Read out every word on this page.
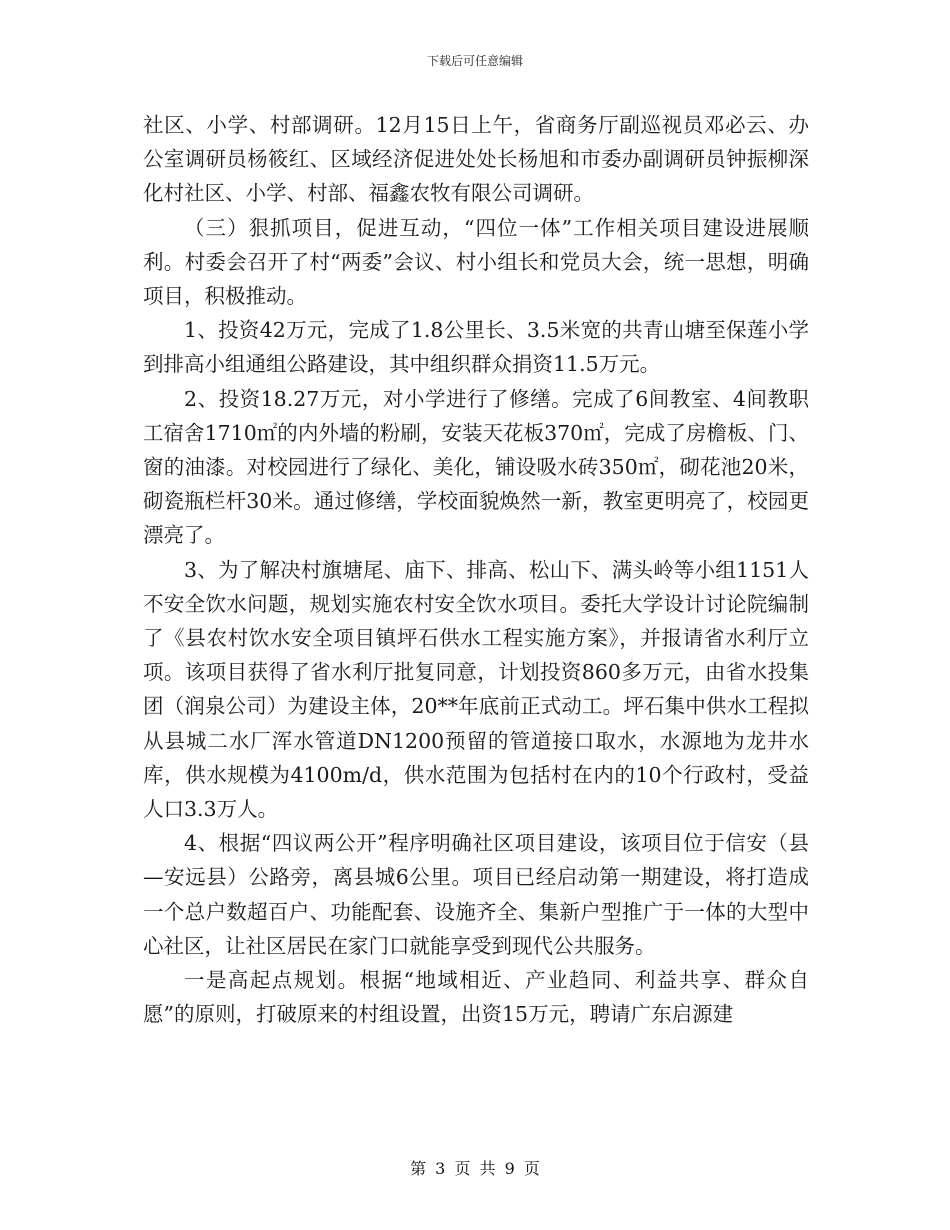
下载后可任意编辑

社区、小学、村部调研。12月15日上午，省商务厅副巡视员邓必云、办公室调研员杨筱红、区域经济促进处处长杨旭和市委办副调研员钟振柳深化村社区、小学、村部、福鑫农牧有限公司调研。

（三）狠抓项目，促进互动，“四位一体”工作相关项目建设进展顺利。村委会召开了村“两委”会议、村小组长和党员大会，统一思想，明确项目，积极推动。

1、投资42万元，完成了1.8公里长、3.5米宽的共青山塘至保莲小学到排高小组通组公路建设，其中组织群众捐资11.5万元。

2、投资18.27万元，对小学进行了修缮。完成了6间教室、4间教职工宿舍1710㎡的内外墙的粉刷，安装天花板370㎡，完成了房檐板、门、窗的油漆。对校园进行了绿化、美化，铺设吸水砖350㎡，砌花池20米，砌瓷瓶栏杆30米。通过修缮，学校面貌焕然一新，教室更明亮了，校园更漂亮了。

3、为了解决村旗塘尾、庙下、排高、松山下、满头岭等小组1151人不安全饮水问题，规划实施农村安全饮水项目。委托大学设计讨论院编制了《县农村饮水安全项目镇坪石供水工程实施方案》，并报请省水利厅立项。该项目获得了省水利厅批复同意，计划投资860多万元，由省水投集团（润泉公司）为建设主体，20**年底前正式动工。坪石集中供水工程拟从县城二水厂浑水管道DN1200预留的管道接口取水，水源地为龙井水库，供水规模为4100m/d，供水范围为包括村在内的10个行政村，受益人口3.3万人。

4、根据“四议两公开”程序明确社区项目建设，该项目位于信安（县—安远县）公路旁，离县城6公里。项目已经启动第一期建设，将打造成一个总户数超百户、功能配套、设施齐全、集新户型推广于一体的大型中心社区，让社区居民在家门口就能享受到现代公共服务。

一是高起点规划。根据“地域相近、产业趋同、利益共享、群众自愿”的原则，打破原来的村组设置，出资15万元，聘请广东启源建

第 3 页 共 9 页
